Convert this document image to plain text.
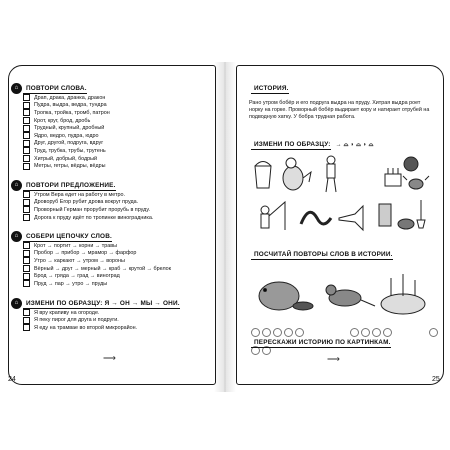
⌂	ПОВТОРИ СЛОВА.
Драп, драка, дранка, дракон
Пудра, выдра, ведра, тундра
Тропка, тройка, тромб, патрон
Крот, круг, брод, дробь
Трудный, крупный, дробный
Ядро, ведро, пудра, юдро
Друг, другой, подруга, вдруг
Труд, трубка, трубы, трутень
Хитрый, добрый, бодрый
Метры, гетры, вёдры, вёдры
⌂	ПОВТОРИ ПРЕДЛОЖЕНИЕ.
Утром Вера едет на работу в метро.
Дроворуб Егор рубит дрова вокруг пруда.
Проворный Герман прорубит прорубь в пруду.
Дорога к пруду идёт по тропинке виноградника.
⌂	СОБЕРИ ЦЕПОЧКУ СЛОВ.
Крот → портит → корни → травы
Пробор → прибор → мрамор → фарфор
Утро → каркают → утром → вороны
Вёрный → друг → мерный → краб → крутой → брелок
Брод → гряда → град → виноград
Пруд → пар → утро → пруды
⌂	ИЗМЕНИ ПО ОБРАЗЦУ: Я → ОН → МЫ → ОНИ.
Я вру крапиву на огороде.
Я пеку пирог для друга и подруги.
Я еду на трамвае во второй микрорайон.
⟶
24
ИСТОРИЯ.
Рано утром бобёр и его подруга выдра на пруду. Хитрая выдра роет норку на горке. Проворный бобёр выдирает кору и натирает отрубей на подводную хатку. У бобра трудная работа.
ИЗМЕНИ ПО ОБРАЗЦУ: → ⌓ ◗ ⌓ ◗ ⌓
ПОСЧИТАЙ ПОВТОРЫ СЛОВ В ИСТОРИИ.

ПЕРЕСКАЖИ ИСТОРИЮ ПО КАРТИНКАМ.
⟶
25
